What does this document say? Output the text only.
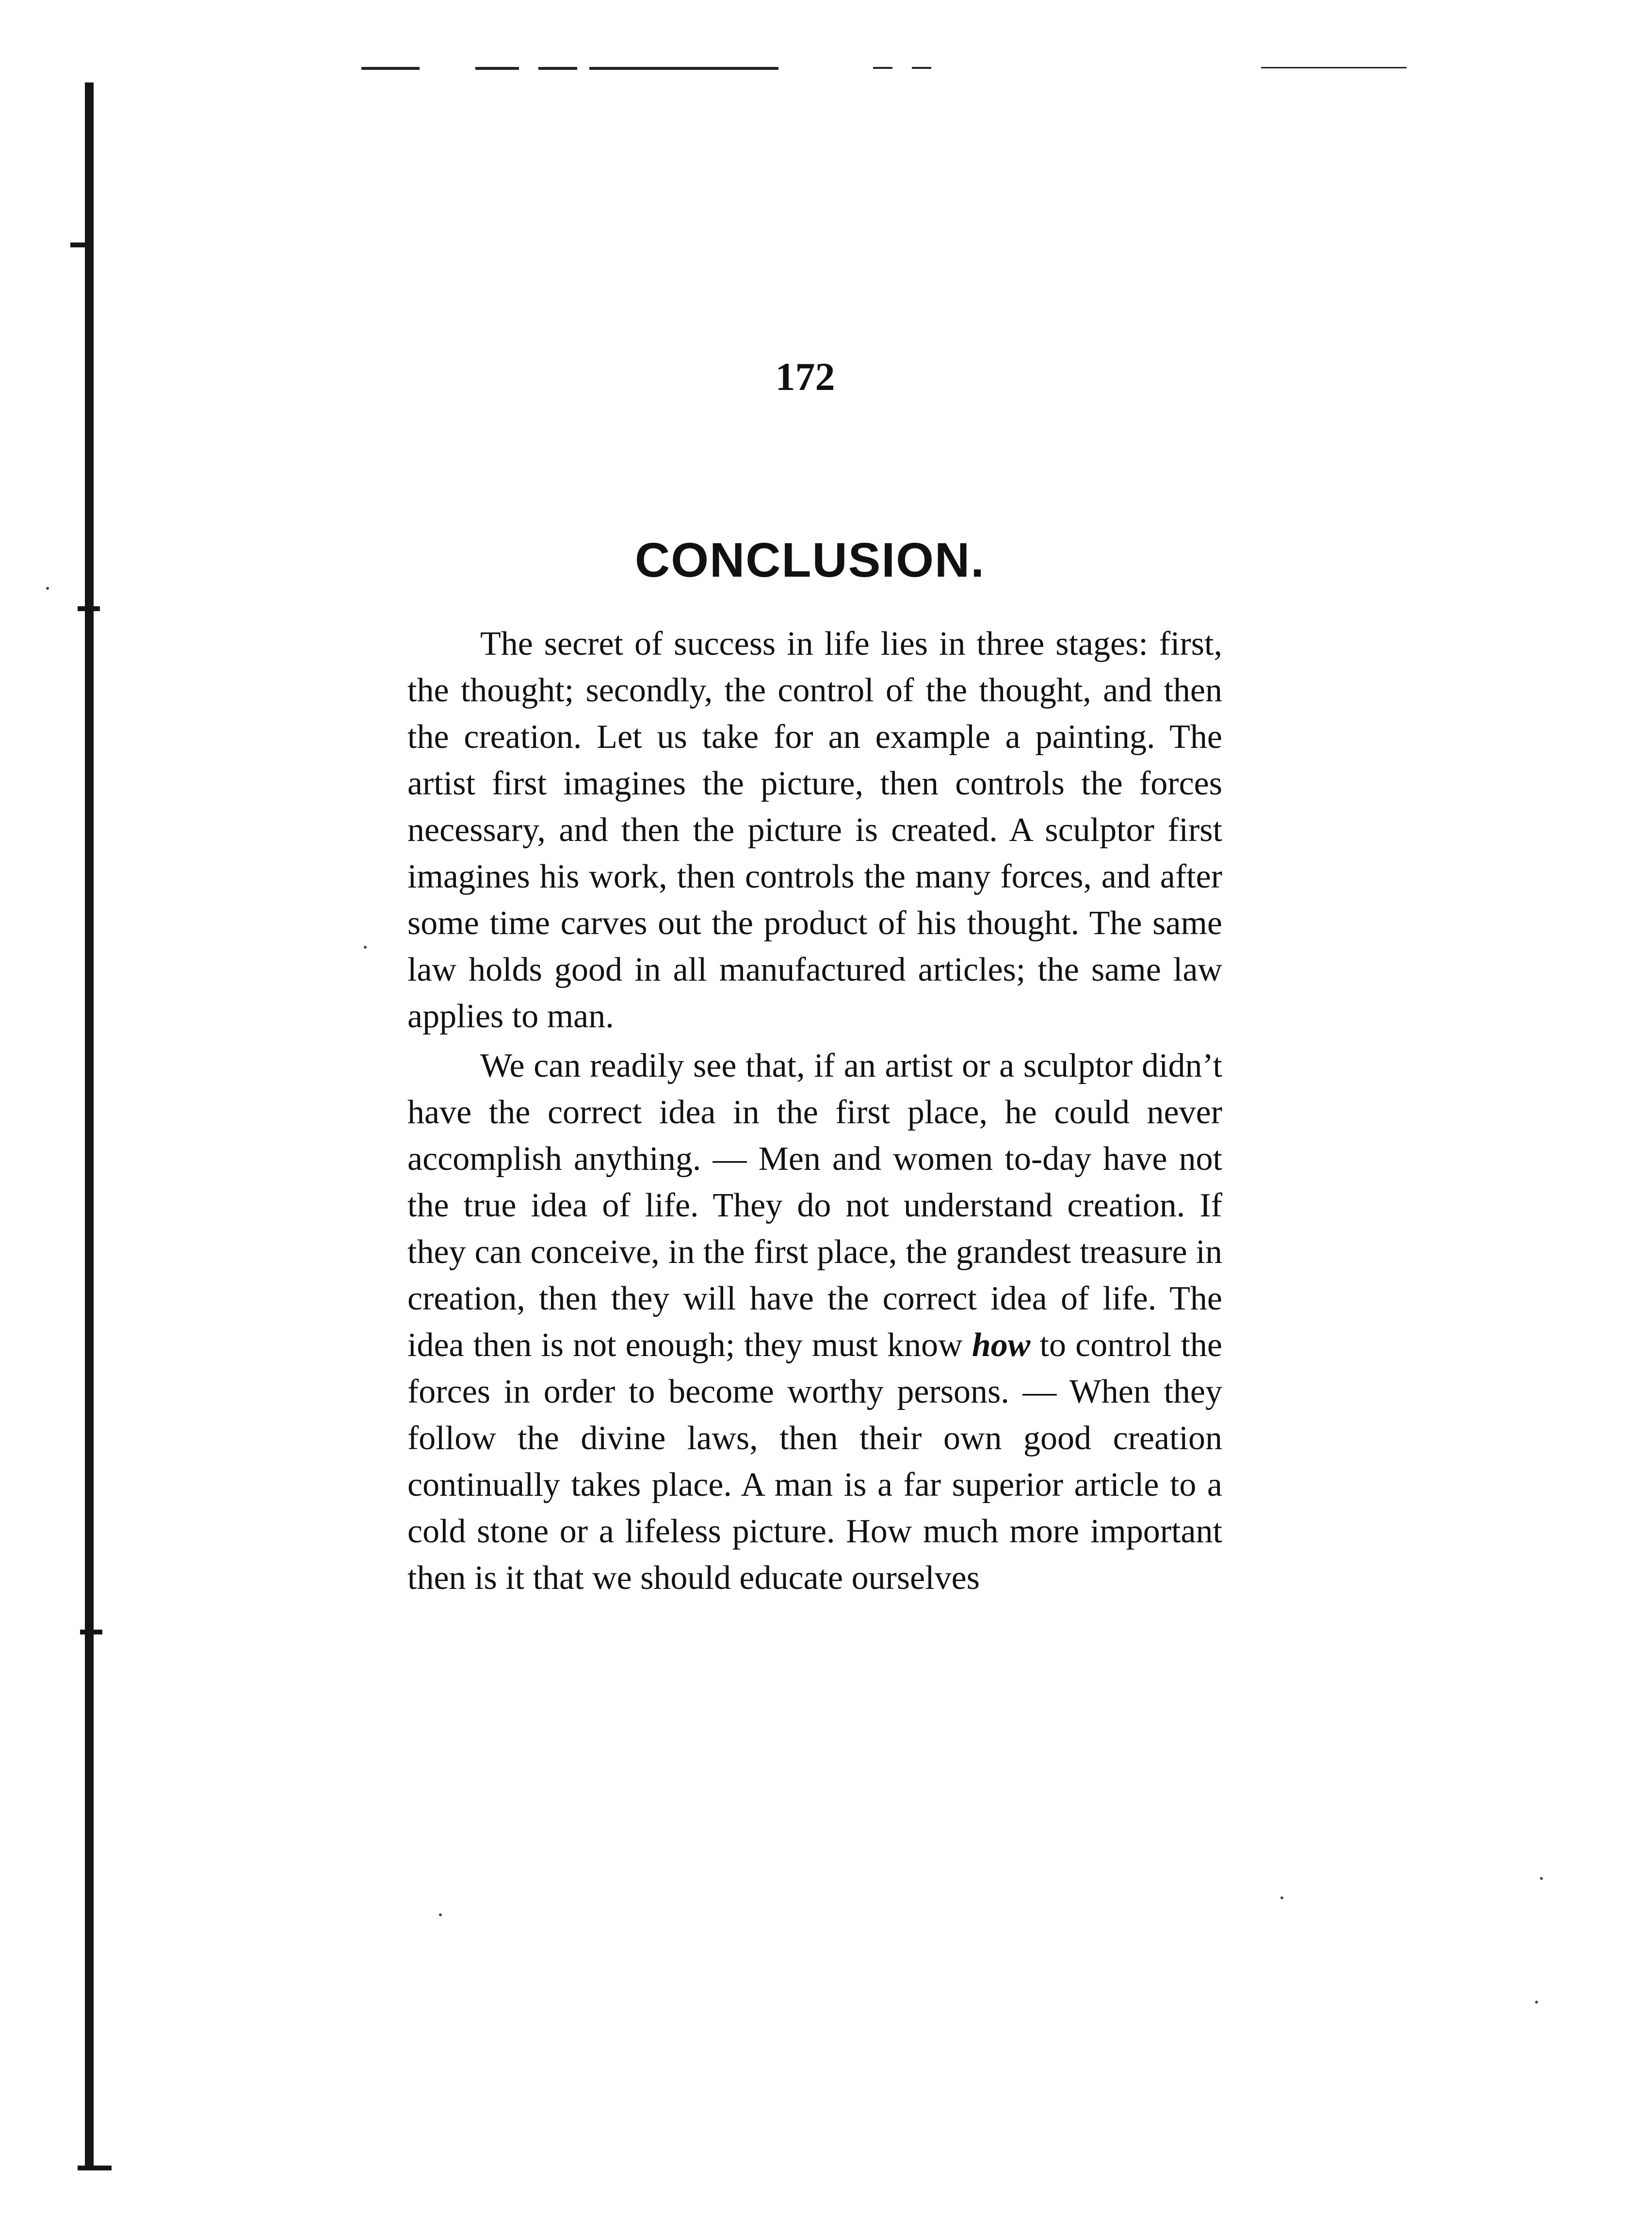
172
CONCLUSION.

The secret of success in life lies in three stages: first, the thought; secondly, the control of the thought, and then the creation. Let us take for an example a painting. The artist first imagines the picture, then controls the forces necessary, and then the picture is created. A sculptor first imagines his work, then controls the many forces, and after some time carves out the product of his thought. The same law holds good in all manufactured articles; the same law applies to man.

We can readily see that, if an artist or a sculptor didn’t have the correct idea in the first place, he could never accomplish anything. — Men and women to-day have not the true idea of life. They do not understand creation. If they can conceive, in the first place, the grandest treasure in creation, then they will have the correct idea of life. The idea then is not enough; they must know how to control the forces in order to become worthy persons. — When they follow the divine laws, then their own good creation continually takes place. A man is a far superior article to a cold stone or a lifeless picture. How much more important then is it that we should educate ourselves
